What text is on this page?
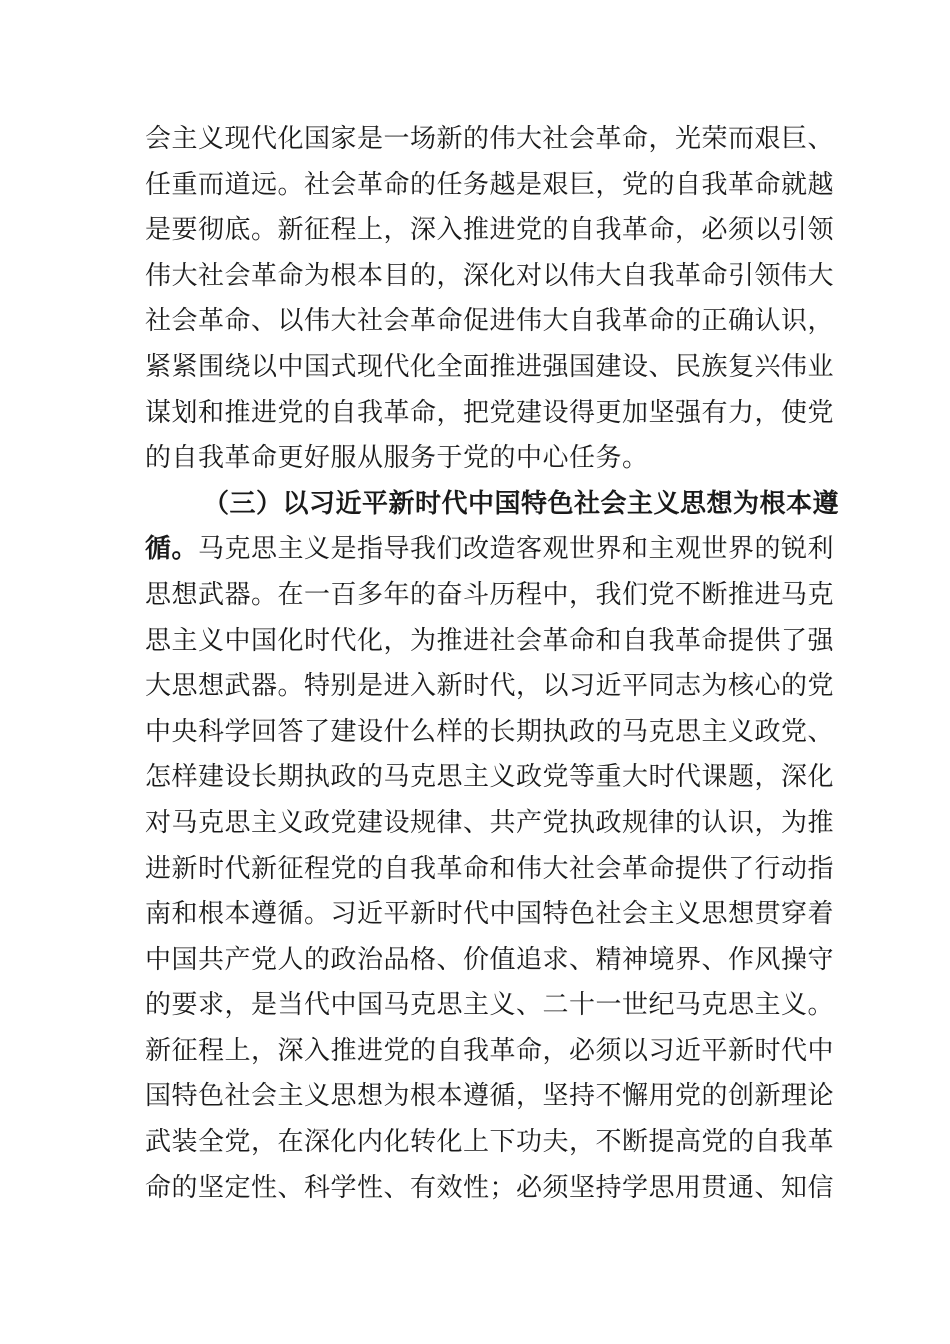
会主义现代化国家是一场新的伟大社会革命，光荣而艰巨、
任重而道远。社会革命的任务越是艰巨，党的自我革命就越
是要彻底。新征程上，深入推进党的自我革命，必须以引领
伟大社会革命为根本目的，深化对以伟大自我革命引领伟大
社会革命、以伟大社会革命促进伟大自我革命的正确认识，
紧紧围绕以中国式现代化全面推进强国建设、民族复兴伟业
谋划和推进党的自我革命，把党建设得更加坚强有力，使党
的自我革命更好服从服务于党的中心任务。
（三）以习近平新时代中国特色社会主义思想为根本遵
循。马克思主义是指导我们改造客观世界和主观世界的锐利
思想武器。在一百多年的奋斗历程中，我们党不断推进马克
思主义中国化时代化，为推进社会革命和自我革命提供了强
大思想武器。特别是进入新时代，以习近平同志为核心的党
中央科学回答了建设什么样的长期执政的马克思主义政党、
怎样建设长期执政的马克思主义政党等重大时代课题，深化
对马克思主义政党建设规律、共产党执政规律的认识，为推
进新时代新征程党的自我革命和伟大社会革命提供了行动指
南和根本遵循。习近平新时代中国特色社会主义思想贯穿着
中国共产党人的政治品格、价值追求、精神境界、作风操守
的要求，是当代中国马克思主义、二十一世纪马克思主义。
新征程上，深入推进党的自我革命，必须以习近平新时代中
国特色社会主义思想为根本遵循，坚持不懈用党的创新理论
武装全党，在深化内化转化上下功夫，不断提高党的自我革
命的坚定性、科学性、有效性；必须坚持学思用贯通、知信
